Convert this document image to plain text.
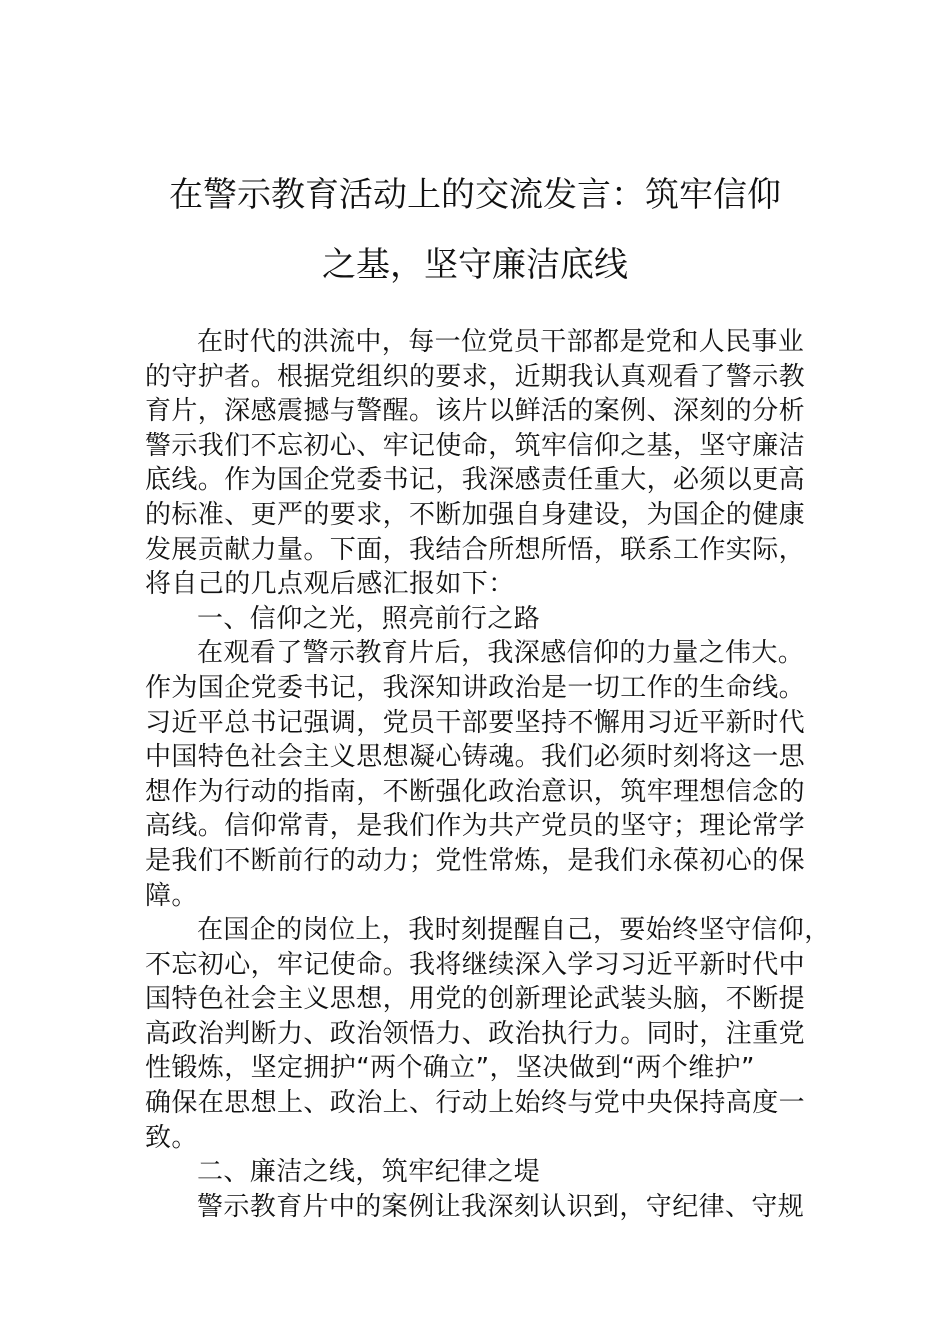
在警示教育活动上的交流发言：筑牢信仰
之基，坚守廉洁底线
在时代的洪流中，每一位党员干部都是党和人民事业
的守护者。根据党组织的要求，近期我认真观看了警示教
育片，深感震撼与警醒。该片以鲜活的案例、深刻的分析
警示我们不忘初心、牢记使命，筑牢信仰之基，坚守廉洁
底线。作为国企党委书记，我深感责任重大，必须以更高
的标准、更严的要求，不断加强自身建设，为国企的健康
发展贡献力量。下面，我结合所想所悟，联系工作实际，
将自己的几点观后感汇报如下：
一、信仰之光，照亮前行之路
在观看了警示教育片后，我深感信仰的力量之伟大。
作为国企党委书记，我深知讲政治是一切工作的生命线。
习近平总书记强调，党员干部要坚持不懈用习近平新时代
中国特色社会主义思想凝心铸魂。我们必须时刻将这一思
想作为行动的指南，不断强化政治意识，筑牢理想信念的
高线。信仰常青，是我们作为共产党员的坚守；理论常学
是我们不断前行的动力；党性常炼，是我们永葆初心的保
障。
在国企的岗位上，我时刻提醒自己，要始终坚守信仰，
不忘初心，牢记使命。我将继续深入学习习近平新时代中
国特色社会主义思想，用党的创新理论武装头脑，不断提
高政治判断力、政治领悟力、政治执行力。同时，注重党
性锻炼，坚定拥护“两个确立”，坚决做到“两个维护”
确保在思想上、政治上、行动上始终与党中央保持高度一
致。
二、廉洁之线，筑牢纪律之堤
警示教育片中的案例让我深刻认识到，守纪律、守规
